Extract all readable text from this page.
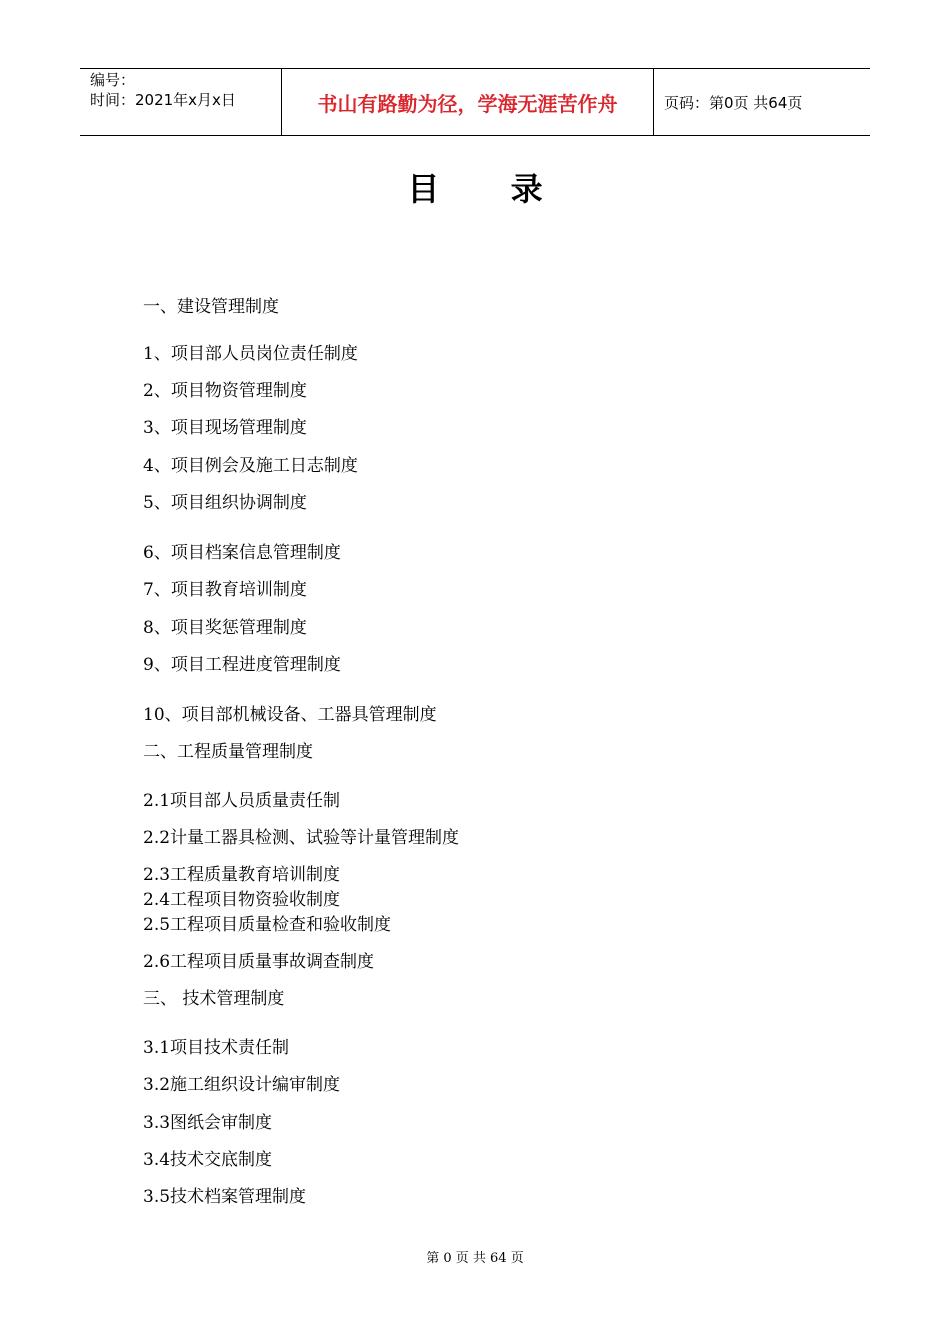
编号：
时间：2021年x月x日	书山有路勤为径，学海无涯苦作舟	页码：第0页 共64页
目 录
一、建设管理制度
1、项目部人员岗位责任制度
2、项目物资管理制度
3、项目现场管理制度
4、项目例会及施工日志制度
5、项目组织协调制度
6、项目档案信息管理制度
7、项目教育培训制度
8、项目奖惩管理制度
9、项目工程进度管理制度
10、项目部机械设备、工器具管理制度
二、工程质量管理制度
2.1项目部人员质量责任制
2.2计量工器具检测、试验等计量管理制度
2.3工程质量教育培训制度
2.4工程项目物资验收制度
2.5工程项目质量检查和验收制度
2.6工程项目质量事故调查制度
三、 技术管理制度
3.1项目技术责任制
3.2施工组织设计编审制度
3.3图纸会审制度
3.4技术交底制度
3.5技术档案管理制度
第 0 页 共 64 页
